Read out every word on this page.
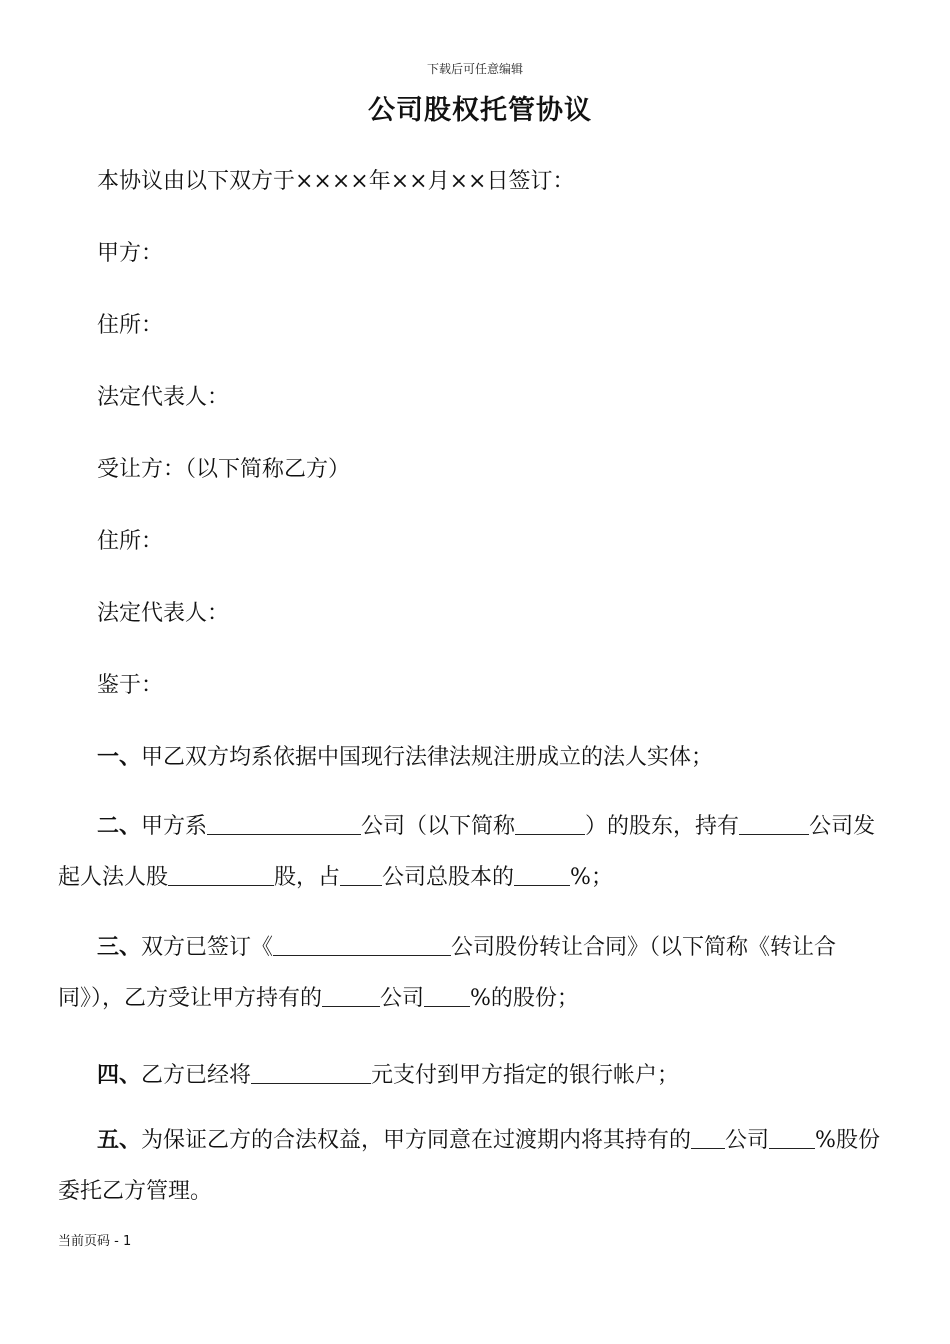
下载后可任意编辑
公司股权托管协议
本协议由以下双方于××××年××月××日签订：
甲方：
住所：
法定代表人：
受让方：（以下简称乙方）
住所：
法定代表人：
鉴于：
一、甲乙双方均系依据中国现行法律法规注册成立的法人实体；
二、甲方系	公司（以下简称	）的股东，持有	公司发起人法人股	股，占 公司总股本的	%；
三、双方已签订《	公司股份转让合同》（以下简称《转让合同》），乙方受让甲方持有的	公司 %的股份；
四、乙方已经将	元支付到甲方指定的银行帐户；
五、为保证乙方的合法权益，甲方同意在过渡期内将其持有的 公司 %股份委托乙方管理。
当前页码 - 1
